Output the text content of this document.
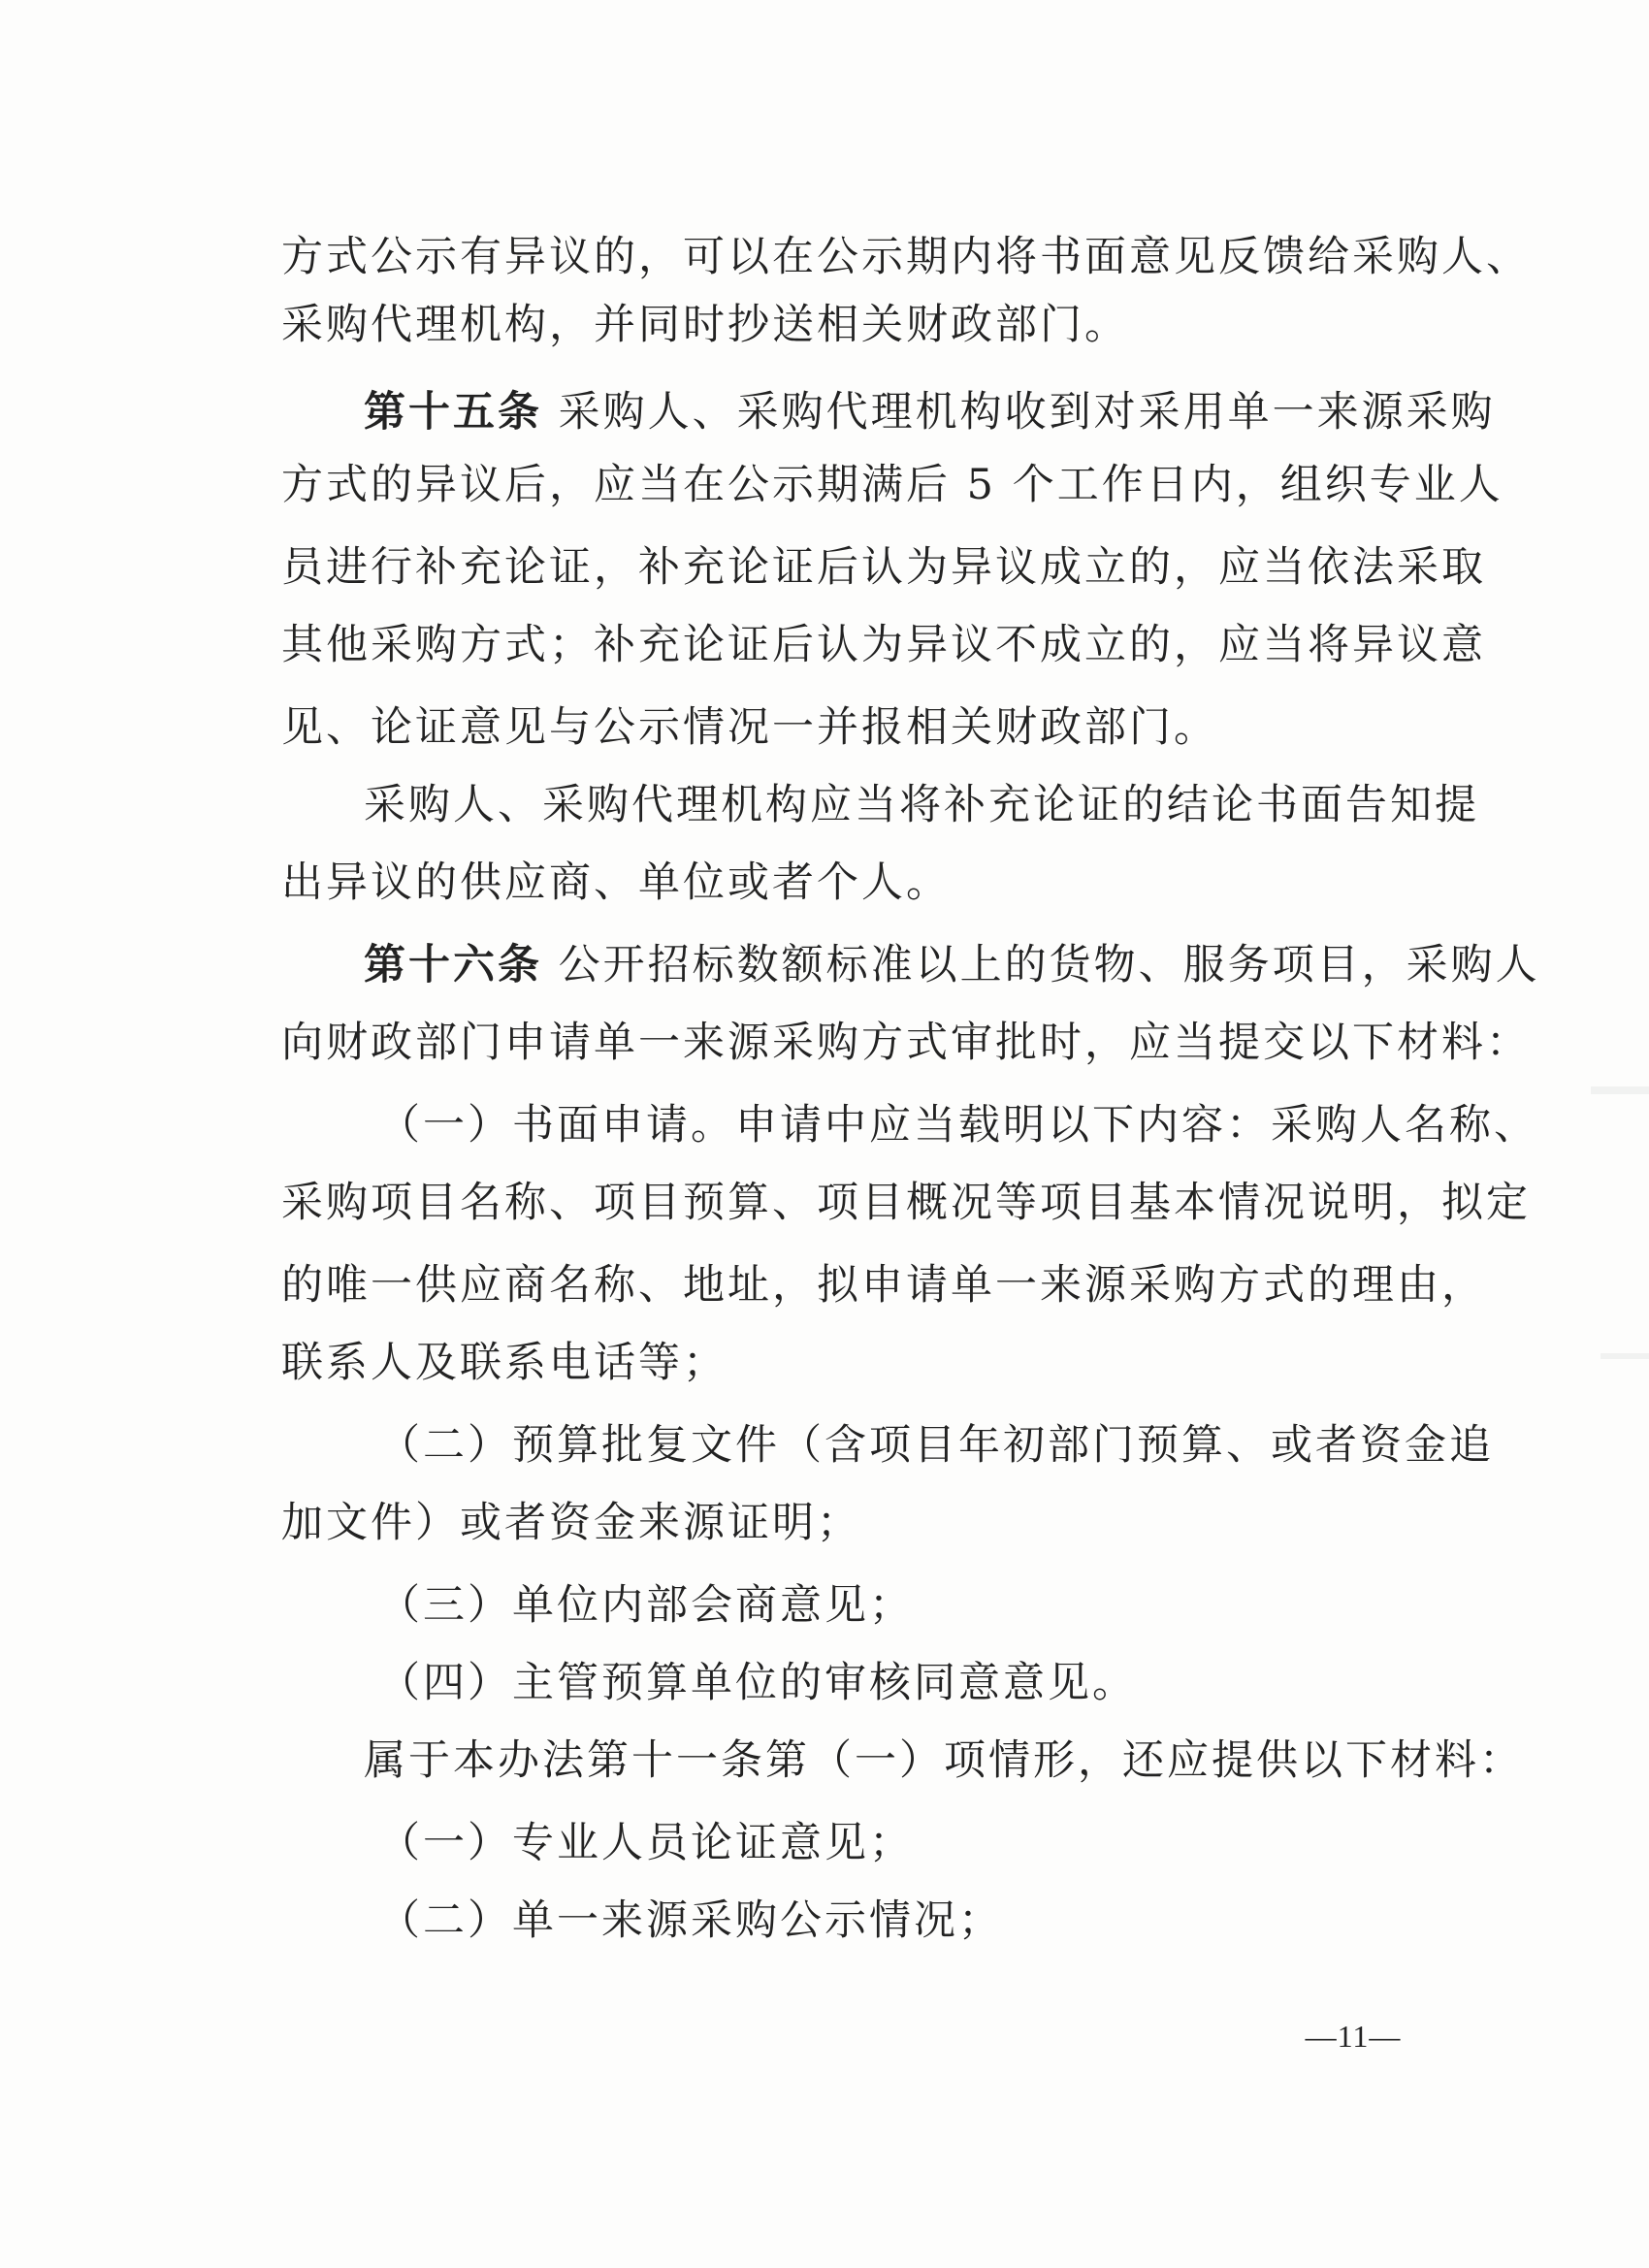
方式公示有异议的，可以在公示期内将书面意见反馈给采购人、
采购代理机构，并同时抄送相关财政部门。
第十五条 采购人、采购代理机构收到对采用单一来源采购
方式的异议后，应当在公示期满后 5 个工作日内，组织专业人
员进行补充论证，补充论证后认为异议成立的，应当依法采取
其他采购方式；补充论证后认为异议不成立的，应当将异议意
见、论证意见与公示情况一并报相关财政部门。
采购人、采购代理机构应当将补充论证的结论书面告知提
出异议的供应商、单位或者个人。
第十六条 公开招标数额标准以上的货物、服务项目，采购人
向财政部门申请单一来源采购方式审批时，应当提交以下材料：
（一）书面申请。申请中应当载明以下内容：采购人名称、
采购项目名称、项目预算、项目概况等项目基本情况说明，拟定
的唯一供应商名称、地址，拟申请单一来源采购方式的理由，
联系人及联系电话等；
（二）预算批复文件（含项目年初部门预算、或者资金追
加文件）或者资金来源证明；
（三）单位内部会商意见；
（四）主管预算单位的审核同意意见。
属于本办法第十一条第（一）项情形，还应提供以下材料：
（一）专业人员论证意见；
（二）单一来源采购公示情况；
—11—
